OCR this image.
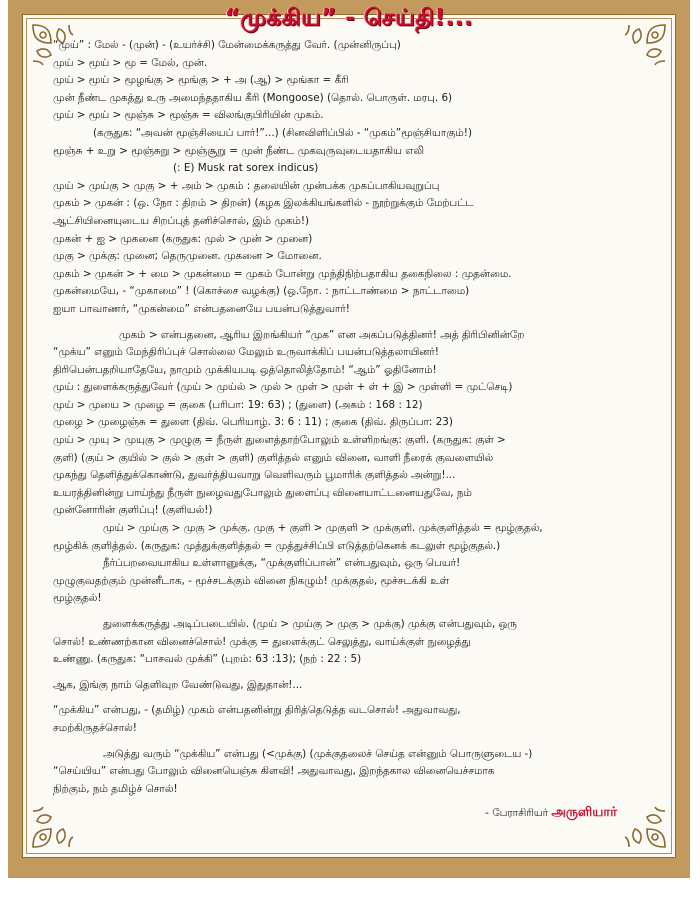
“முக்கிய” - செய்தி!...
“முய்” : மேல் - (முன்) - (உயர்ச்சி) மேன்மைக்கருத்து வேர். (முன்னிருப்பு)
முய் > மூய் > மூ = மேல், முன்.
முய் > மூய் > மூழங்கு > மூங்கு > + அ (ஆ) > மூங்கா = கீரி
முன் நீண்ட முகத்து உரு அமைந்ததாகிய கீரி (Mongoose) (தொல். பொருள். மரபு. 6)
முய் > மூய் > மூஞ்சு > மூஞ்சு = விலங்குபிரியின் முகம்.
(கருதுக: “அவன் மூஞ்சியைப் பார்!”...) (சினவிளிப்பில் - “முகம்”மூஞ்சியாகும்!)
மூஞ்சு + உறு > மூஞ்சுறு > மூஞ்சூறு = முன் நீண்ட முகவுருவுடையதாகிய எலி
(: E) Musk rat sorex indicus)
முய் > முய்கு > முகு > + அம் > முகம் : தலையின் முன்பக்க முகப்பாகியவுறுப்பு
முகம் > முகன் : (ஒ. நோ : திறம் > திறன்) (கழக இலக்கியங்களில் - நூற்றுக்கும் மேற்பட்ட
ஆட்சியினையுடைய சிறப்புத் தனிச்சொல், இம் முகம்!)
முகன் + ஐ > முகனை (கருதுக: முல் > முன் > முனை)
முகு > முக்கு: முனை; தெருமுனை. முகனை > மோனை.
முகம் > முகன் > + மை > முகன்மை = முகம் போன்று முந்திநிற்பதாகிய தகைநிலை : முதன்மை.
முகன்மையே, - “முகாமை” ! (கொச்சை வழக்கு) (ஒ.நோ. : நாட்டாண்மை > நாட்டாமை)
ஐயா பாவாணர், “முகன்மை” என்பதனையே பயன்படுத்துவார்!
முகம் > என்பதனை, ஆரிய இறங்கியர் “முக” என அகப்படுத்தினர்! அத் திரிபினின்றே
“முக்ய” எனும் மேந்திரிப்புச் சொல்லை மேலும் உருவாக்கிப் பயன்படுத்தலாயினர்!
திரிபென்பதறியாதேயே, நாமும் முக்கியபடி ஒத்தொலித்தோம்! “ஆம்” ஓதினோம்!
முய் : துளைக்கருத்துவேர் (முய் > முய்ல் > முல் > முள் > முள் + ள் + இ > முள்ளி = முட்செடி)
முய் > முயை > முழை = குகை (பரிபா: 19: 63) ; (துளை) (அகம் : 168 : 12)
முழை > முழைஞ்சு = துளை (திவ். பெரியாழ். 3: 6 : 11) ; குகை (திவ். திருப்பா: 23)
முய் > முயு > முயுகு > முழுகு = நீருள் துளைத்தாற்போலும் உள்ளிறங்கு: குளி. (கருதுக: குள் >
குளி) (குய் > குயில் > குல் > குள் > குளி) குளித்தல் எனும் வினை, வாளி நீரைக் குவளையில்
முகந்து தெளித்துக்கொண்டு, துவர்த்தியவாறு வெளிவரும் பூமாரிக் குளித்தல் அன்று!...
உயரத்தினின்று பாய்ந்து நீருள் நுழைவதுபோலும் துளைப்பு வினையாட்டனையதுவே, நம்
முன்னோரின் குளிப்பு! (குளியல்!)
முய் > முய்கு > முகு > முக்கு. முகு + குளி > முகுளி > முக்குளி. முக்குளித்தல் = மூழ்குதல்,
மூழ்கிக் குளித்தல். (கருதுக: முத்துக்குளித்தல் = முத்துச்சிப்பி எடுத்தற்கெனக் கடலுள் மூழ்குதல்.)
நீர்ப்பறவையாகிய உள்ளானுக்கு, “முக்குளிப்பான்” என்பதுவும், ஒரு பெயர்!
முழுகுவதற்கும் முன்னீடாக, - மூச்சடக்கும் வினை நிகழும்! முக்குதல், மூச்சடக்கி உள்
மூழ்குதல்!
துளைக்கருத்து அடிப்படையில். (முய் > முய்கு > முகு > முக்கு) முக்கு என்பதுவும், ஒரு
சொல்! உண்ணற்கான வினைச்சொல்! முக்கு = துளைக்குட் செலுத்து, வாய்க்குள் நுழைத்து
உண்ணு. (கருதுக: “பாசவல் முக்கி” (புறம்: 63 :13); (நற் : 22 : 5)
ஆக, இங்கு நாம் தெளிவுற வேண்டுவது, இதுதான்!...
“முக்கிய” என்பது, - (தமிழ்) முகம் என்பதனின்று திரித்தெடுத்த வடசொல்! அதுவாவது,
சமற்கிருதச்சொல்!
அடுத்து வரும் “முக்கிய” என்பது (<முக்கு) (முக்குதலைச் செய்த என்னும் பொருளுடைய -)
“செய்யிய” என்பது போலும் வினையெஞ்சு கிளவி! அதுவாவது, இறந்தகால வினையெச்சமாக
நிற்கும், நம் தமிழ்ச் சொல்!
- பேராசிரியர் அருளியார்
